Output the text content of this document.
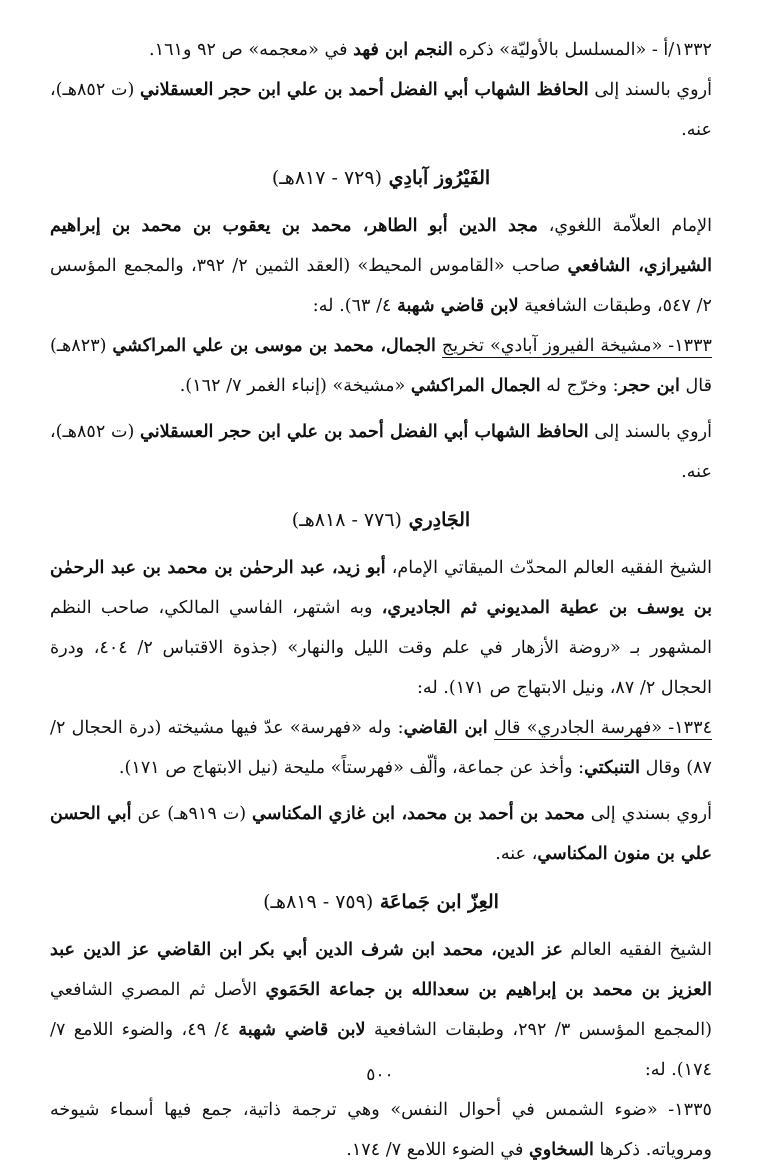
١٣٣٢/أ - «المسلسل بالأوليّة» ذكره النجم ابن فهد في «معجمه» ص ٩٢ و١٦١.

أروي بالسند إلى الحافظ الشهاب أبي الفضل أحمد بن علي ابن حجر العسقلاني (ت ٨٥٢هـ)، عنه.

الفَيْرُوز آبادِي (٧٢٩ - ٨١٧هـ)

الإمام العلاّمة اللغوي، مجد الدين أبو الطاهر، محمد بن يعقوب بن محمد بن إبراهيم الشيرازي، الشافعي صاحب «القاموس المحيط» (العقد الثمين ٢/ ٣٩٢، والمجمع المؤسس ٢/ ٥٤٧، وطبقات الشافعية لابن قاضي شهبة ٤/ ٦٣). له:

١٣٣٣- «مشيخة الفيروز آبادي» تخريج الجمال، محمد بن موسى بن علي المراكشي (٨٢٣هـ) قال ابن حجر: وخرّج له الجمال المراكشي «مشيخة» (إنباء الغمر ٧/ ١٦٢).

أروي بالسند إلى الحافظ الشهاب أبي الفضل أحمد بن علي ابن حجر العسقلاني (ت ٨٥٢هـ)، عنه.

الجَادِري (٧٧٦ - ٨١٨هـ)

الشيخ الفقيه العالم المحدّث الميقاتي الإمام، أبو زيد، عبد الرحمٰن بن محمد بن عبد الرحمٰن بن يوسف بن عطية المديوني ثم الجاديري، وبه اشتهر، الفاسي المالكي، صاحب النظم المشهور بـ «روضة الأزهار في علم وقت الليل والنهار» (جذوة الاقتباس ٢/ ٤٠٤، ودرة الحجال ٢/ ٨٧، ونيل الابتهاج ص ١٧١). له:

١٣٣٤- «فهرسة الجادري» قال ابن القاضي: وله «فهرسة» عدّ فيها مشيخته (درة الحجال ٢/ ٨٧) وقال التنبكتي: وأخذ عن جماعة، وألّف «فهرستاً» مليحة (نيل الابتهاج ص ١٧١).

أروي بسندي إلى محمد بن أحمد بن محمد، ابن غازي المكناسي (ت ٩١٩هـ) عن أبي الحسن علي بن منون المكناسي، عنه.

العِزّ ابن جَماعَة (٧٥٩ - ٨١٩هـ)

الشيخ الفقيه العالم عز الدين، محمد ابن شرف الدين أبي بكر ابن القاضي عز الدين عبد العزيز بن محمد بن إبراهيم بن سعدالله بن جماعة الحَمَوي الأصل ثم المصري الشافعي (المجمع المؤسس ٣/ ٢٩٢، وطبقات الشافعية لابن قاضي شهبة ٤/ ٤٩، والضوء اللامع ٧/ ١٧٤). له:

١٣٣٥- «ضوء الشمس في أحوال النفس» وهي ترجمة ذاتية، جمع فيها أسماء شيوخه ومروياته. ذكرها السخاوي في الضوء اللامع ٧/ ١٧٤.

٥٠٠
